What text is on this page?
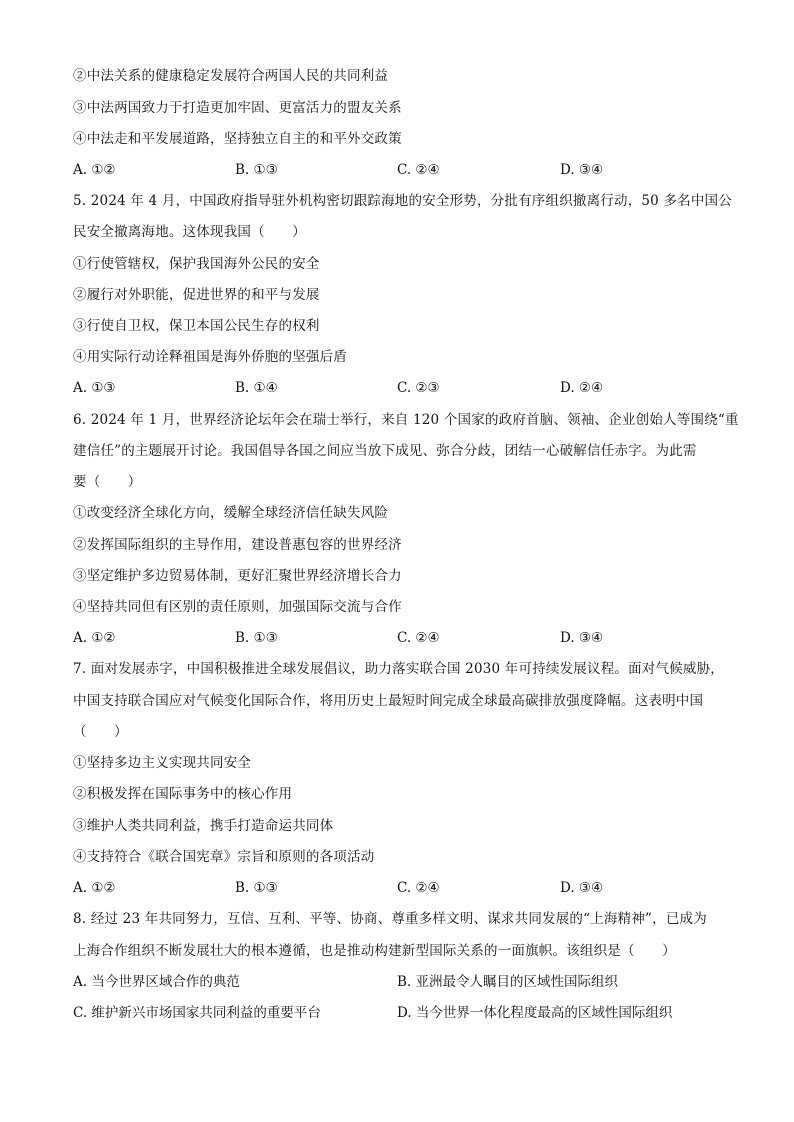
②中法关系的健康稳定发展符合两国人民的共同利益
③中法两国致力于打造更加牢固、更富活力的盟友关系
④中法走和平发展道路，坚持独立自主的和平外交政策
A. ①②	B. ①③	C. ②④	D. ③④
5. 2024 年 4 月，中国政府指导驻外机构密切跟踪海地的安全形势，分批有序组织撤离行动，50 多名中国公
民安全撤离海地。这体现我国（　　）
①行使管辖权，保护我国海外公民的安全
②履行对外职能，促进世界的和平与发展
③行使自卫权，保卫本国公民生存的权利
④用实际行动诠释祖国是海外侨胞的坚强后盾
A. ①③	B. ①④	C. ②③	D. ②④
6. 2024 年 1 月，世界经济论坛年会在瑞士举行，来自 120 个国家的政府首脑、领袖、企业创始人等围绕“重
建信任”的主题展开讨论。我国倡导各国之间应当放下成见、弥合分歧，团结一心破解信任赤字。为此需
要（　　）
①改变经济全球化方向，缓解全球经济信任缺失风险
②发挥国际组织的主导作用，建设普惠包容的世界经济
③坚定维护多边贸易体制，更好汇聚世界经济增长合力
④坚持共同但有区别的责任原则，加强国际交流与合作
A. ①②	B. ①③	C. ②④	D. ③④
7. 面对发展赤字，中国积极推进全球发展倡议，助力落实联合国 2030 年可持续发展议程。面对气候威胁，
中国支持联合国应对气候变化国际合作，将用历史上最短时间完成全球最高碳排放强度降幅。这表明中国
（　　）
①坚持多边主义实现共同安全
②积极发挥在国际事务中的核心作用
③维护人类共同利益，携手打造命运共同体
④支持符合《联合国宪章》宗旨和原则的各项活动
A. ①②	B. ①③	C. ②④	D. ③④
8. 经过 23 年共同努力，互信、互利、平等、协商、尊重多样文明、谋求共同发展的“上海精神”，已成为
上海合作组织不断发展壮大的根本遵循，也是推动构建新型国际关系的一面旗帜。该组织是（　　）
A. 当今世界区域合作的典范	B. 亚洲最令人瞩目的区域性国际组织
C. 维护新兴市场国家共同利益的重要平台	D. 当今世界一体化程度最高的区域性国际组织
